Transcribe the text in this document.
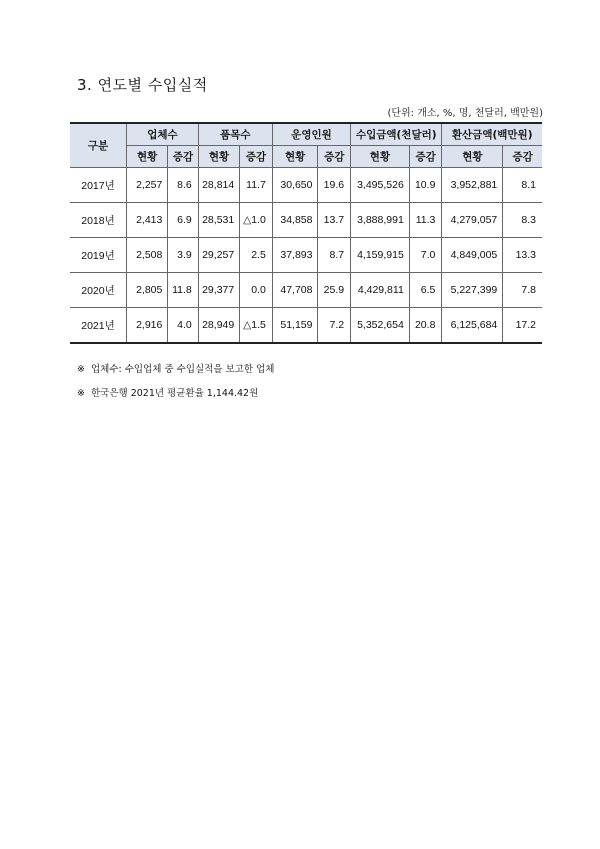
3. 연도별 수입실적
(단위: 개소, %, 명, 천달러, 백만원)
구분	업체수		품목수		운영인원		수입금액(천달러)		환산금액(백만원)	
	현황	증감	현황	증감	현황	증감	현황	증감	현황	증감
2017년	2,257	8.6	28,814	11.7	30,650	19.6	3,495,526	10.9	3,952,881	8.1
2018년	2,413	6.9	28,531	△1.0	34,858	13.7	3,888,991	11.3	4,279,057	8.3
2019년	2,508	3.9	29,257	2.5	37,893	8.7	4,159,915	7.0	4,849,005	13.3
2020년	2,805	11.8	29,377	0.0	47,708	25.9	4,429,811	6.5	5,227,399	7.8
2021년	2,916	4.0	28,949	△1.5	51,159	7.2	5,352,654	20.8	6,125,684	17.2
※ 업체수: 수입업체 중 수입실적을 보고한 업체
※ 한국은행 2021년 평균환율 1,144.42원
